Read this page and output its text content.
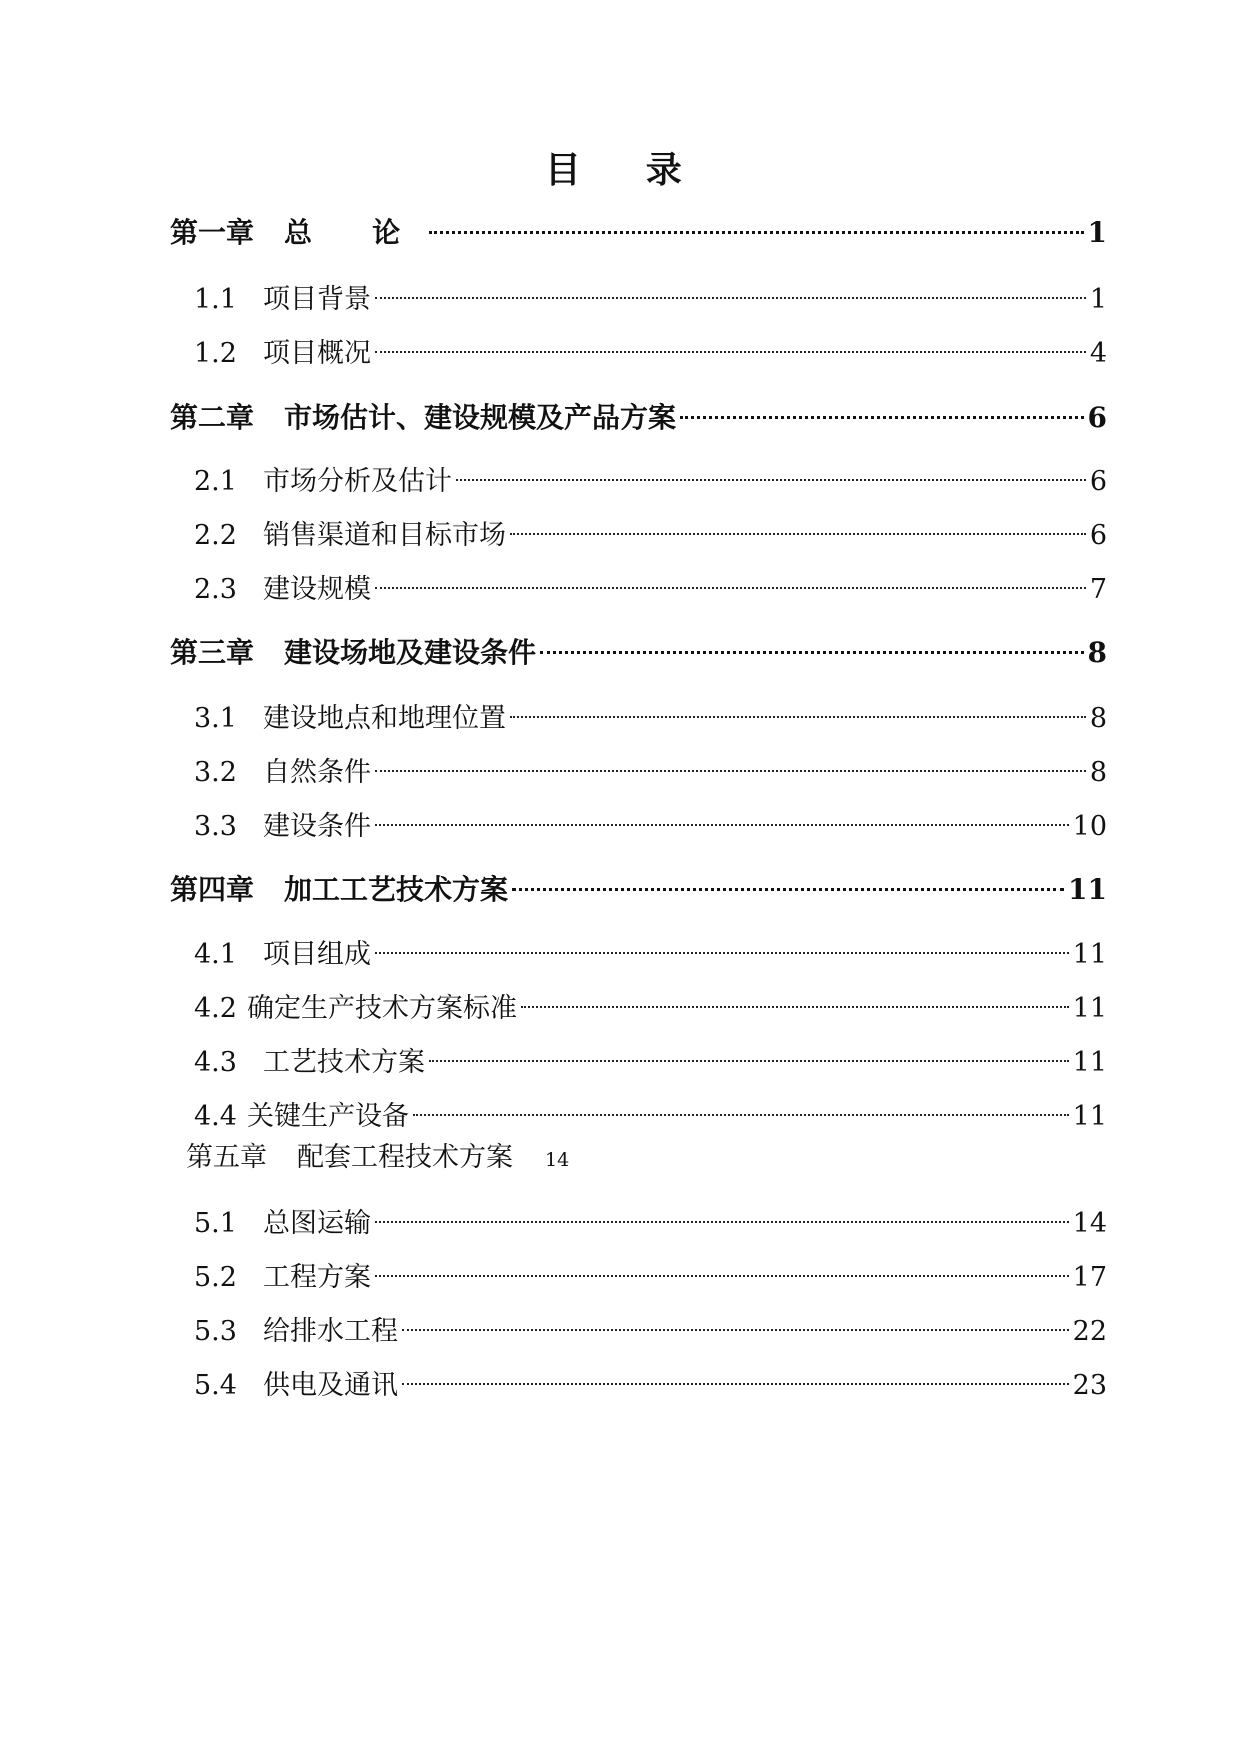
目　录
第一章 总 论	1
1.1 项目背景	1
1.2 项目概况	4
第二章 市场估计、建设规模及产品方案	6
2.1 市场分析及估计	6
2.2 销售渠道和目标市场	6
2.3 建设规模	7
第三章 建设场地及建设条件	8
3.1 建设地点和地理位置	8
3.2 自然条件	8
3.3 建设条件	10
第四章 加工工艺技术方案	11
4.1 项目组成	11
4.2 确定生产技术方案标准	11
4.3 工艺技术方案	11
4.4 关键生产设备	11
第五章 配套工程技术方案 14
5.1 总图运输	14
5.2 工程方案	17
5.3 给排水工程	22
5.4 供电及通讯	23
